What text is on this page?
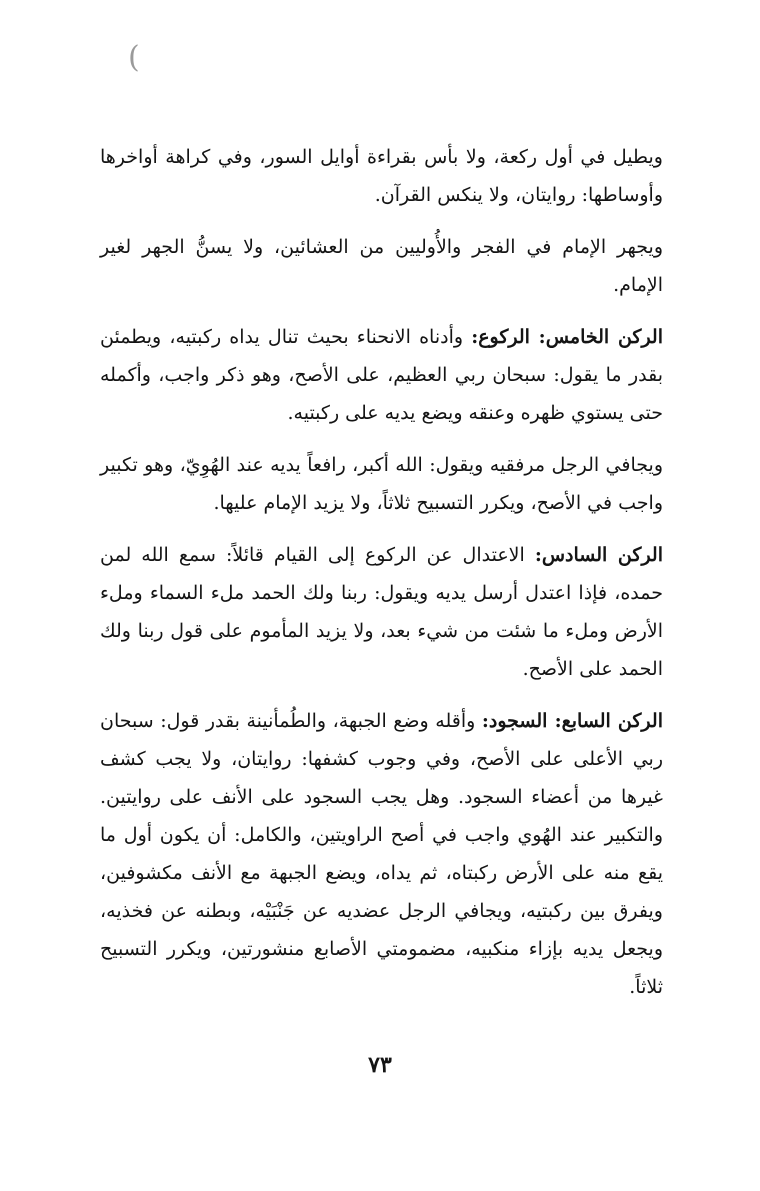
(

ويطيل في أول ركعة، ولا بأس بقراءة أوايل السور، وفي كراهة أواخرها وأوساطها: روايتان، ولا ينكس القرآن.

ويجهر الإمام في الفجر والأُوليين من العشائين، ولا يسنُّ الجهر لغير الإمام.

الركن الخامس: الركوع: وأدناه الانحناء بحيث تنال يداه ركبتيه، ويطمئن بقدر ما يقول: سبحان ربي العظيم، على الأصح، وهو ذكر واجب، وأكمله حتى يستوي ظهره وعنقه ويضع يديه على ركبتيه.

ويجافي الرجل مرفقيه ويقول: الله أكبر، رافعاً يديه عند الهُوِيّ، وهو تكبير واجب في الأصح، ويكرر التسبيح ثلاثاً، ولا يزيد الإمام عليها.

الركن السادس: الاعتدال عن الركوع إلى القيام قائلاً: سمع الله لمن حمده، فإذا اعتدل أرسل يديه ويقول: ربنا ولك الحمد ملء السماء وملء الأرض وملء ما شئت من شيء بعد، ولا يزيد المأموم على قول ربنا ولك الحمد على الأصح.

الركن السابع: السجود: وأقله وضع الجبهة، والطُمأنينة بقدر قول: سبحان ربي الأعلى على الأصح، وفي وجوب كشفها: روايتان، ولا يجب كشف غيرها من أعضاء السجود. وهل يجب السجود على الأنف على روايتين. والتكبير عند الهُوي واجب في أصح الراويتين، والكامل: أن يكون أول ما يقع منه على الأرض ركبتاه، ثم يداه، ويضع الجبهة مع الأنف مكشوفين، ويفرق بين ركبتيه، ويجافي الرجل عضديه عن جَنْبَيْه، وبطنه عن فخذيه، ويجعل يديه بإزاء منكبيه، مضمومتي الأصابع منشورتين، ويكرر التسبيح ثلاثاً.

٧٣
